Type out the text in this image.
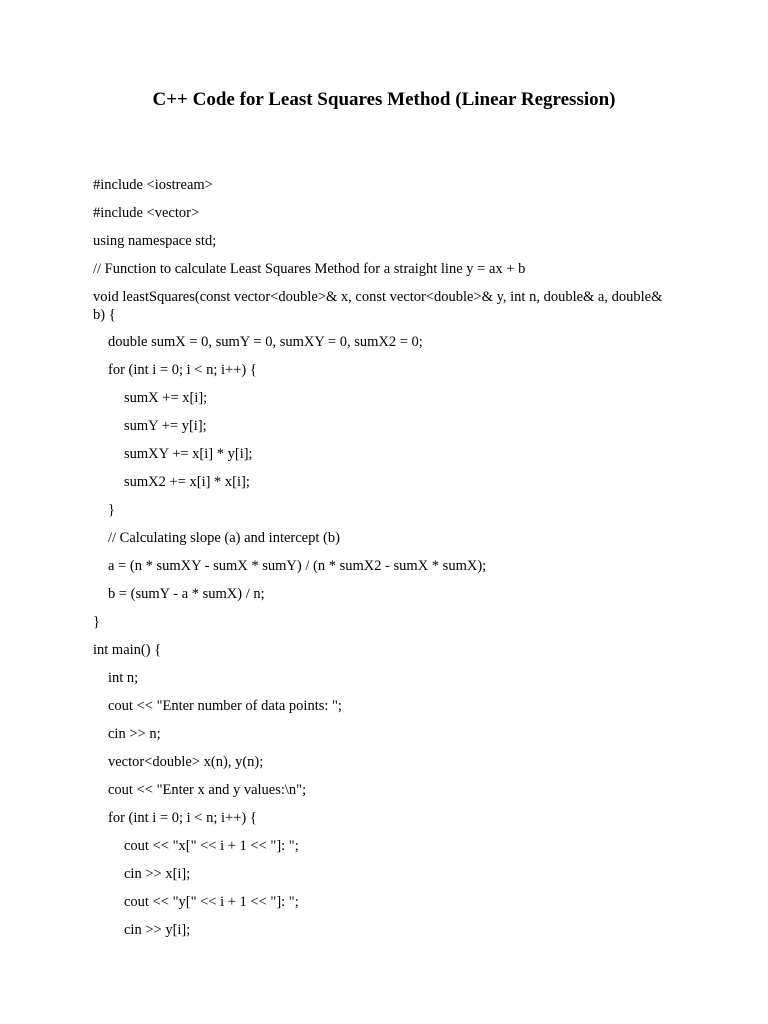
C++ Code for Least Squares Method (Linear Regression)
#include <iostream>
#include <vector>
using namespace std;
// Function to calculate Least Squares Method for a straight line y = ax + b
void leastSquares(const vector<double>& x, const vector<double>& y, int n, double& a, double& b) {
double sumX = 0, sumY = 0, sumXY = 0, sumX2 = 0;
for (int i = 0; i < n; i++) {
sumX += x[i];
sumY += y[i];
sumXY += x[i] * y[i];
sumX2 += x[i] * x[i];
}
// Calculating slope (a) and intercept (b)
a = (n * sumXY - sumX * sumY) / (n * sumX2 - sumX * sumX);
b = (sumY - a * sumX) / n;
}
int main() {
int n;
cout << "Enter number of data points: ";
cin >> n;
vector<double> x(n), y(n);
cout << "Enter x and y values:\n";
for (int i = 0; i < n; i++) {
cout << "x[" << i + 1 << "]: ";
cin >> x[i];
cout << "y[" << i + 1 << "]: ";
cin >> y[i];
